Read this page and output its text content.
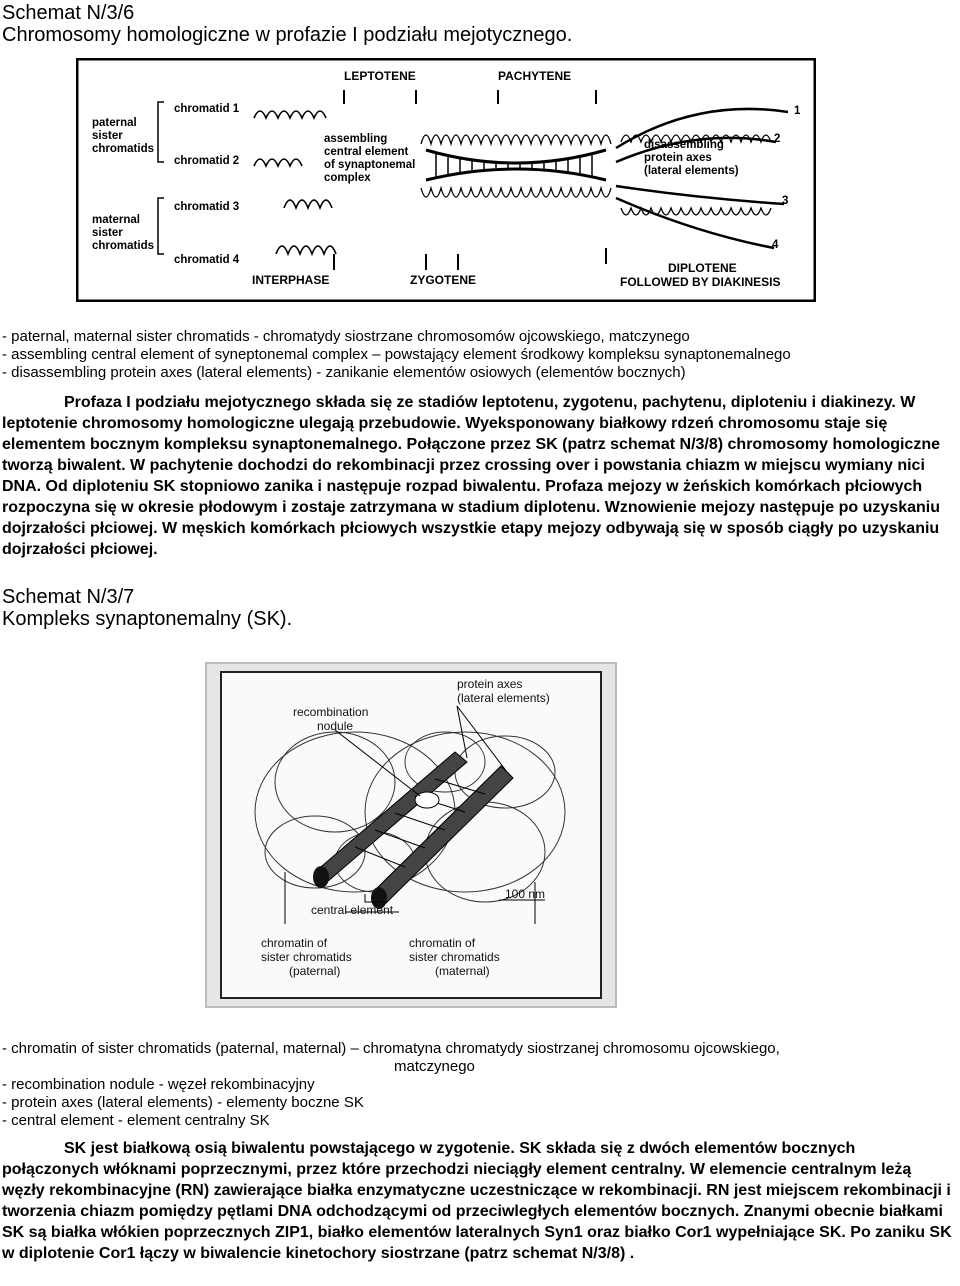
Schemat N/3/6
Chromosomy homologiczne w profazie I podziału mejotycznego.
paternal
sister
chromatids
maternal
sister
chromatids
chromatid 1
chromatid 2
chromatid 3
chromatid 4
LEPTOTENE	PACHYTENE
INTERPHASE	ZYGOTENE
DIPLOTENE
FOLLOWED BY DIAKINESIS
assembling
central element
of synaptonemal
complex
disassembling
protein axes
(lateral elements)
1
2
3
4
- paternal, maternal sister chromatids - chromatydy siostrzane chromosomów ojcowskiego, matczynego
- assembling central element of syneptonemal complex – powstający element środkowy kompleksu synaptonemalnego
- disassembling protein axes (lateral elements) - zanikanie elementów osiowych (elementów bocznych)
Profaza I podziału mejotycznego składa się ze stadiów leptotenu, zygotenu, pachytenu, diploteniu i diakinezy. W leptotenie chromosomy homologiczne ulegają przebudowie. Wyeksponowany białkowy rdzeń chromosomu staje się elementem bocznym kompleksu synaptonemalnego. Połączone przez SK (patrz schemat N/3/8) chromosomy homologiczne tworzą biwalent. W pachytenie dochodzi do rekombinacji przez crossing over i powstania chiazm w miejscu wymiany nici DNA. Od diploteniu SK stopniowo zanika i następuje rozpad biwalentu. Profaza mejozy w żeńskich komórkach płciowych rozpoczyna się w okresie płodowym i zostaje zatrzymana w stadium diplotenu. Wznowienie mejozy następuje po uzyskaniu dojrzałości płciowej. W męskich komórkach płciowych wszystkie etapy mejozy odbywają się w sposób ciągły po uzyskaniu dojrzałości płciowej.
Schemat N/3/7
Kompleks synaptonemalny (SK).
protein axes
(lateral elements)
recombination
nodule
central element
100 nm
chromatin of
sister chromatids
(paternal)
chromatin of
sister chromatids
(maternal)
- chromatin of sister chromatids (paternal, maternal) – chromatyna chromatydy siostrzanej chromosomu ojcowskiego,
matczynego
- recombination nodule - węzeł rekombinacyjny
- protein axes (lateral elements) - elementy boczne SK
- central element - element centralny SK
SK jest białkową osią biwalentu powstającego w zygotenie. SK składa się z dwóch elementów bocznych połączonych włóknami poprzecznymi, przez które przechodzi nieciągły element centralny. W elemencie centralnym leżą węzły rekombinacyjne (RN) zawierające białka enzymatyczne uczestniczące w rekombinacji. RN jest miejscem rekombinacji i tworzenia chiazm pomiędzy pętlami DNA odchodzącymi od przeciwległych elementów bocznych. Znanymi obecnie białkami SK są białka włókien poprzecznych ZIP1, białko elementów lateralnych Syn1 oraz białko Cor1 wypełniające SK. Po zaniku SK w diplotenie Cor1 łączy w biwalencie kinetochory siostrzane (patrz schemat N/3/8) .
